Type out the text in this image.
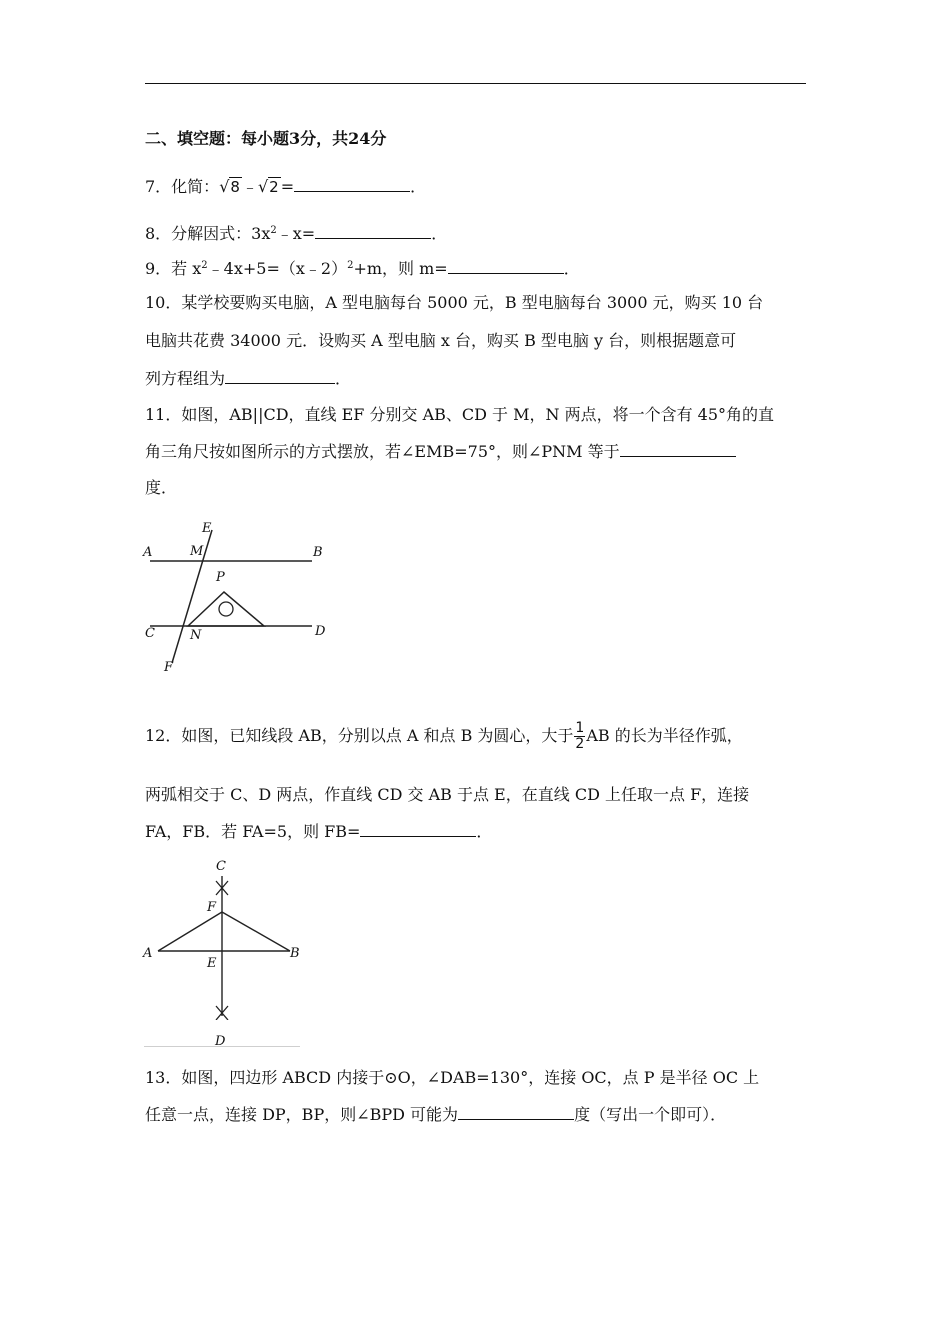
二、填空题：每小题3分，共24分
7．化简：√8 ﹣√2 =	．
8．分解因式：$3x^2﹣x=$	．
9．若 $x^2﹣4x+5=(x﹣2)^2+m$，则 m=	．
10．某学校要购买电脑，A 型电脑每台 5000 元，B 型电脑每台 3000 元，购买 10 台
电脑共花费 34000 元．设购买 A 型电脑 x 台，购买 B 型电脑 y 台，则根据题意可
列方程组为	．
11．如图，AB||CD，直线 EF 分别交 AB、CD 于 M，N 两点，将一个含有 45°角的直
角三角尺按如图所示的方式摆放，若∠EMB=75°，则∠PNM 等于
度．
A	B
C	D
E
F
M
N
P
12．如图，已知线段 AB，分别以点 A 和点 B 为圆心，大于 $\frac{1}{2}$ AB 的长为半径作弧，
两弧相交于 C、D 两点，作直线 CD 交 AB 于点 E，在直线 CD 上任取一点 F，连接
FA，FB．若 FA=5，则 FB=	．
C
A	B
F
E
D
13．如图，四边形 ABCD 内接于⊙O，∠DAB=130°，连接 OC，点 P 是半径 OC 上
任意一点，连接 DP，BP，则∠BPD 可能为	度（写出一个即可）．
